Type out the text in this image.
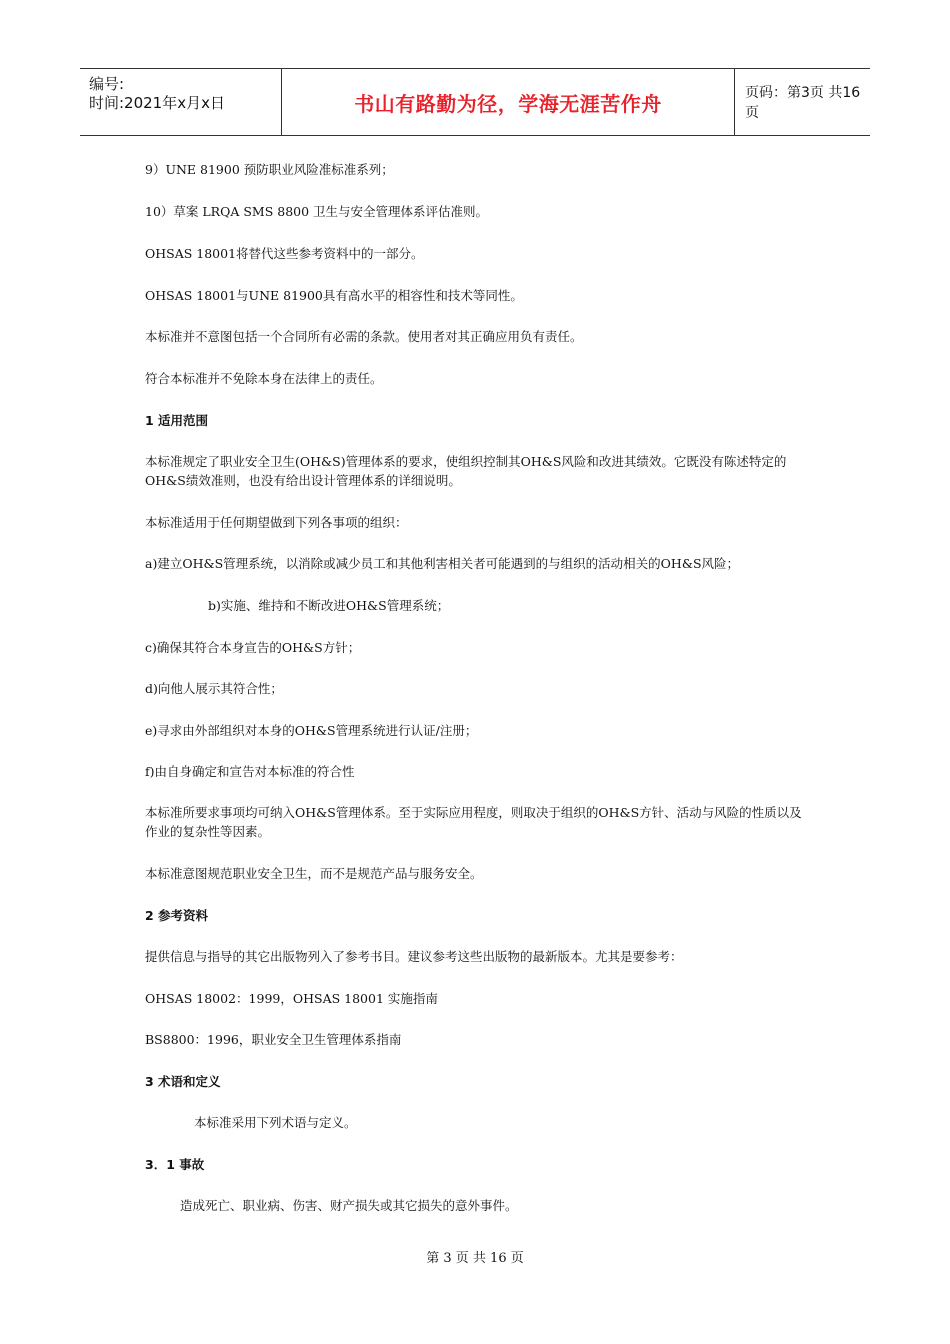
编号:
时间:2021年x月x日	书山有路勤为径，学海无涯苦作舟	页码：第3页 共16页
9）UNE 81900 预防职业风险准标准系列；
10）草案 LRQA SMS 8800 卫生与安全管理体系评估准则。
OHSAS 18001将替代这些参考资料中的一部分。
OHSAS 18001与UNE 81900具有高水平的相容性和技术等同性。
本标准并不意图包括一个合同所有必需的条款。使用者对其正确应用负有责任。
符合本标准并不免除本身在法律上的责任。
1 适用范围
本标准规定了职业安全卫生(OH&S)管理体系的要求，使组织控制其OH&S风险和改进其绩效。它既没有陈述特定的OH&S绩效准则，也没有给出设计管理体系的详细说明。
本标准适用于任何期望做到下列各事项的组织：
a)建立OH&S管理系统，以消除或减少员工和其他利害相关者可能遇到的与组织的活动相关的OH&S风险；
b)实施、维持和不断改进OH&S管理系统；
c)确保其符合本身宣告的OH&S方针；
d)向他人展示其符合性；
e)寻求由外部组织对本身的OH&S管理系统进行认证/注册；
f)由自身确定和宣告对本标准的符合性
本标准所要求事项均可纳入OH&S管理体系。至于实际应用程度，则取决于组织的OH&S方针、活动与风险的性质以及作业的复杂性等因素。
本标准意图规范职业安全卫生，而不是规范产品与服务安全。
2 参考资料
提供信息与指导的其它出版物列入了参考书目。建议参考这些出版物的最新版本。尤其是要参考：
OHSAS 18002：1999，OHSAS 18001 实施指南
BS8800：1996，职业安全卫生管理体系指南
3 术语和定义
本标准采用下列术语与定义。
3．1 事故
造成死亡、职业病、伤害、财产损失或其它损失的意外事件。
第 3 页 共 16 页
